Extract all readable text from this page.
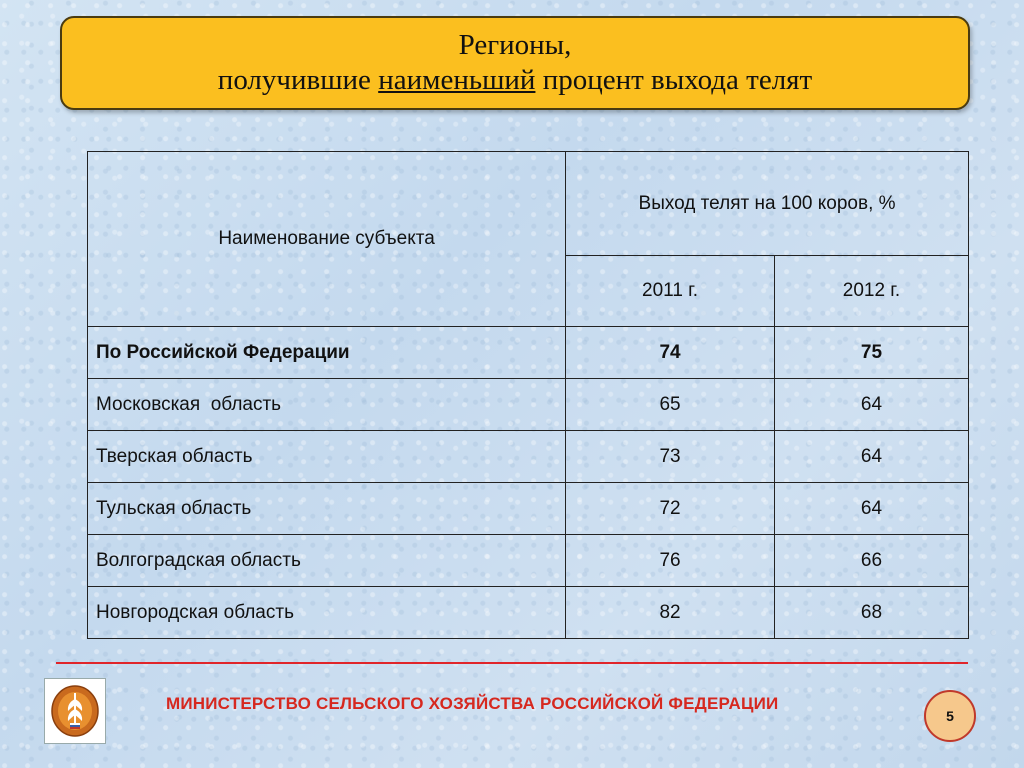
Регионы,
получившие наименьший процент выхода телят
Наименование субъекта	Выход телят на 100 коров, %	
	2011 г.	2012 г.
По Российской Федерации	74	75
Московская  область	65	64
Тверская область	73	64
Тульская область	72	64
Волгоградская область	76	66
Новгородская область	82	68
МИНИСТЕРСТВО СЕЛЬСКОГО ХОЗЯЙСТВА РОССИЙСКОЙ ФЕДЕРАЦИИ
5
